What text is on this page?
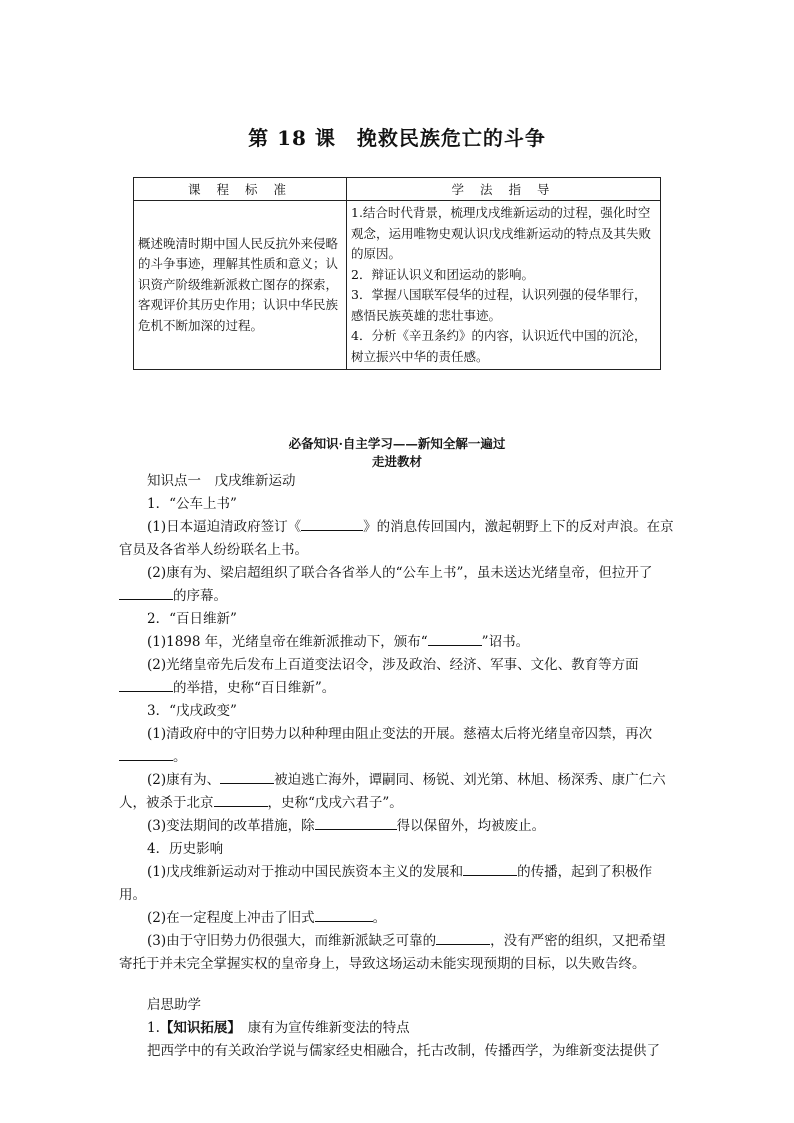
第 18 课　挽救民族危亡的斗争
课 程 标 准	学 法 指 导
概述晚清时期中国人民反抗外来侵略的斗争事迹，理解其性质和意义；认识资产阶级维新派救亡图存的探索，客观评价其历史作用；认识中华民族危机不断加深的过程。	1.结合时代背景，梳理戊戌维新运动的过程，强化时空观念，运用唯物史观认识戊戌维新运动的特点及其失败的原因。
2．辩证认识义和团运动的影响。
3．掌握八国联军侵华的过程，认识列强的侵华罪行，感悟民族英雄的悲壮事迹。
4．分析《辛丑条约》的内容，认识近代中国的沉沦，树立振兴中华的责任感。
必备知识·自主学习——新知全解一遍过
走进教材

知识点一　戊戌维新运动

1．“公车上书”

(1)日本逼迫清政府签订《	》的消息传回国内，激起朝野上下的反对声浪。在京官员及各省举人纷纷联名上书。

(2)康有为、梁启超组织了联合各省举人的“公车上书”，虽未送达光绪皇帝，但拉开了的序幕。

2．“百日维新”

(1)1898 年，光绪皇帝在维新派推动下，颁布“	”诏书。

(2)光绪皇帝先后发布上百道变法诏令，涉及政治、经济、军事、文化、教育等方面的举措，史称“百日维新”。

3．“戊戌政变”

(1)清政府中的守旧势力以种种理由阻止变法的开展。慈禧太后将光绪皇帝囚禁，再次。

(2)康有为、	被迫逃亡海外，谭嗣同、杨锐、刘光第、林旭、杨深秀、康广仁六人，被杀于北京	，史称“戊戌六君子”。

(3)变法期间的改革措施，除	得以保留外，均被废止。

4．历史影响

(1)戊戌维新运动对于推动中国民族资本主义的发展和	的传播，起到了积极作用。

(2)在一定程度上冲击了旧式	。

(3)由于守旧势力仍很强大，而维新派缺乏可靠的	，没有严密的组织，又把希望寄托于并未完全掌握实权的皇帝身上，导致这场运动未能实现预期的目标，以失败告终。

启思助学

1.【知识拓展】　康有为宣传维新变法的特点

把西学中的有关政治学说与儒家经史相融合，托古改制，传播西学，为维新变法提供了
